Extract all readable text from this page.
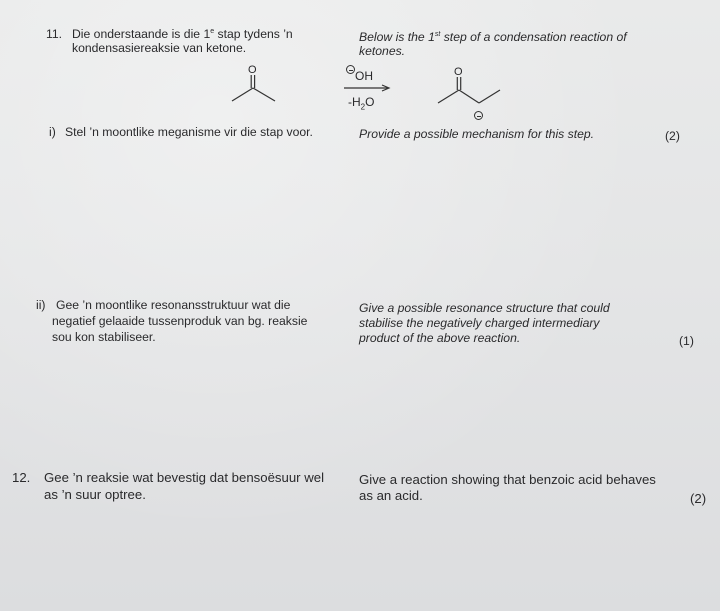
11. Die onderstaande is die 1e stap tydens ’n
kondensasiereaksie van ketone.
Below is the 1st step of a condensation reaction of
ketones.
O	OH
$-H_2O$
O
i) Stel ’n moontlike meganisme vir die stap voor.	Provide a possible mechanism for this step.	(2)
ii) Gee ’n moontlike resonansstruktuur wat die
negatief gelaaide tussenproduk van bg. reaksie
sou kon stabiliseer.
Give a possible resonance structure that could
stabilise the negatively charged intermediary
product of the above reaction.	(1)
12. Gee ’n reaksie wat bevestig dat bensoësuur wel
as ’n suur optree.
Give a reaction showing that benzoic acid behaves
as an acid.	(2)
